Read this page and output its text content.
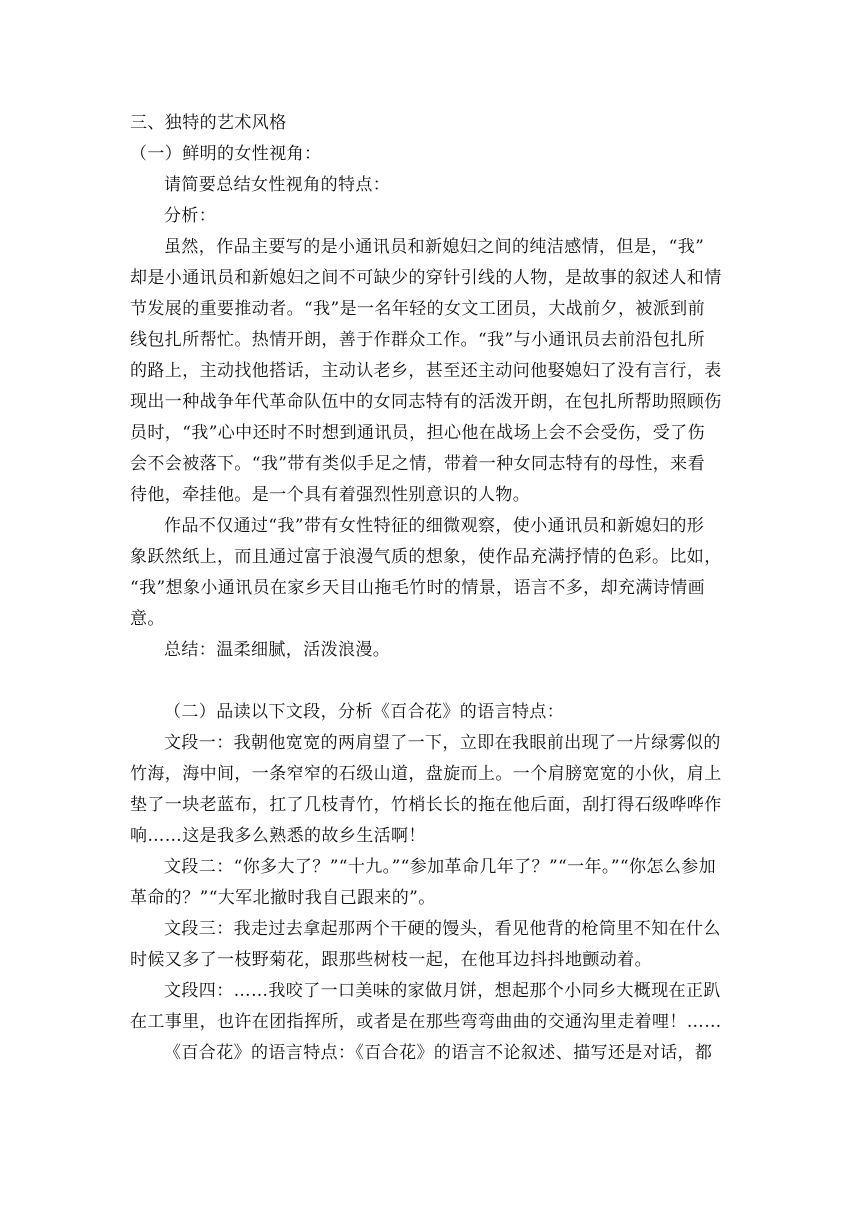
三、独特的艺术风格
（一）鲜明的女性视角：
请简要总结女性视角的特点：
分析：
虽然，作品主要写的是小通讯员和新媳妇之间的纯洁感情，但是，“我”
却是小通讯员和新媳妇之间不可缺少的穿针引线的人物，是故事的叙述人和情
节发展的重要推动者。“我”是一名年轻的女文工团员，大战前夕，被派到前
线包扎所帮忙。热情开朗，善于作群众工作。“我”与小通讯员去前沿包扎所
的路上，主动找他搭话，主动认老乡，甚至还主动问他娶媳妇了没有言行，表
现出一种战争年代革命队伍中的女同志特有的活泼开朗，在包扎所帮助照顾伤
员时，“我”心中还时不时想到通讯员，担心他在战场上会不会受伤，受了伤
会不会被落下。“我”带有类似手足之情，带着一种女同志特有的母性，来看
待他，牵挂他。是一个具有着强烈性别意识的人物。
作品不仅通过“我”带有女性特征的细微观察，使小通讯员和新媳妇的形
象跃然纸上，而且通过富于浪漫气质的想象，使作品充满抒情的色彩。比如，
“我”想象小通讯员在家乡天目山拖毛竹时的情景，语言不多，却充满诗情画
意。
总结：温柔细腻，活泼浪漫。
（二）品读以下文段，分析《百合花》的语言特点：
文段一：我朝他宽宽的两肩望了一下，立即在我眼前出现了一片绿雾似的
竹海，海中间，一条窄窄的石级山道，盘旋而上。一个肩膀宽宽的小伙，肩上
垫了一块老蓝布，扛了几枝青竹，竹梢长长的拖在他后面，刮打得石级哗哗作
响……这是我多么熟悉的故乡生活啊！
文段二：“你多大了？”“十九。”“参加革命几年了？”“一年。”“你怎么参加
革命的？”“大军北撤时我自己跟来的”。
文段三：我走过去拿起那两个干硬的馒头，看见他背的枪筒里不知在什么
时候又多了一枝野菊花，跟那些树枝一起，在他耳边抖抖地颤动着。
文段四：……我咬了一口美味的家做月饼，想起那个小同乡大概现在正趴
在工事里，也许在团指挥所，或者是在那些弯弯曲曲的交通沟里走着哩！……
《百合花》的语言特点：《百合花》的语言不论叙述、描写还是对话，都
